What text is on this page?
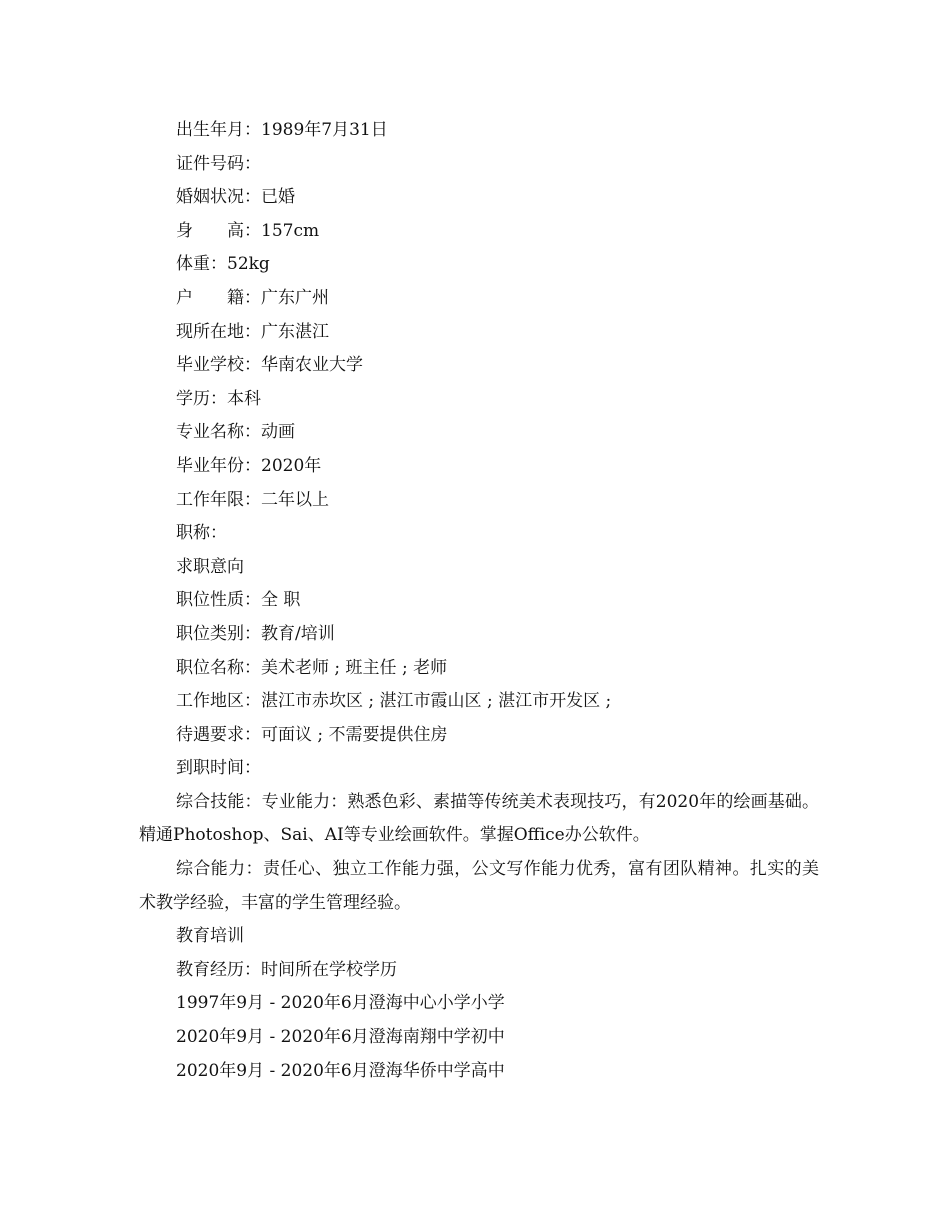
出生年月：1989年7月31日
证件号码：
婚姻状况：已婚
身　　高：157cm
体重：52kg
户　　籍：广东广州
现所在地：广东湛江
毕业学校：华南农业大学
学历：本科
专业名称：动画
毕业年份：2020年
工作年限：二年以上
职称：
求职意向
职位性质：全 职
职位类别：教育/培训
职位名称：美术老师 ; 班主任 ; 老师
工作地区：湛江市赤坎区 ; 湛江市霞山区 ; 湛江市开发区 ;
待遇要求：可面议 ; 不需要提供住房
到职时间：
综合技能：专业能力：熟悉色彩、素描等传统美术表现技巧，有2020年的绘画基础。精通Photoshop、Sai、AI等专业绘画软件。掌握Office办公软件。
综合能力：责任心、独立工作能力强，公文写作能力优秀，富有团队精神。扎实的美术教学经验，丰富的学生管理经验。
教育培训
教育经历：时间所在学校学历
1997年9月 - 2020年6月澄海中心小学小学
2020年9月 - 2020年6月澄海南翔中学初中
2020年9月 - 2020年6月澄海华侨中学高中
